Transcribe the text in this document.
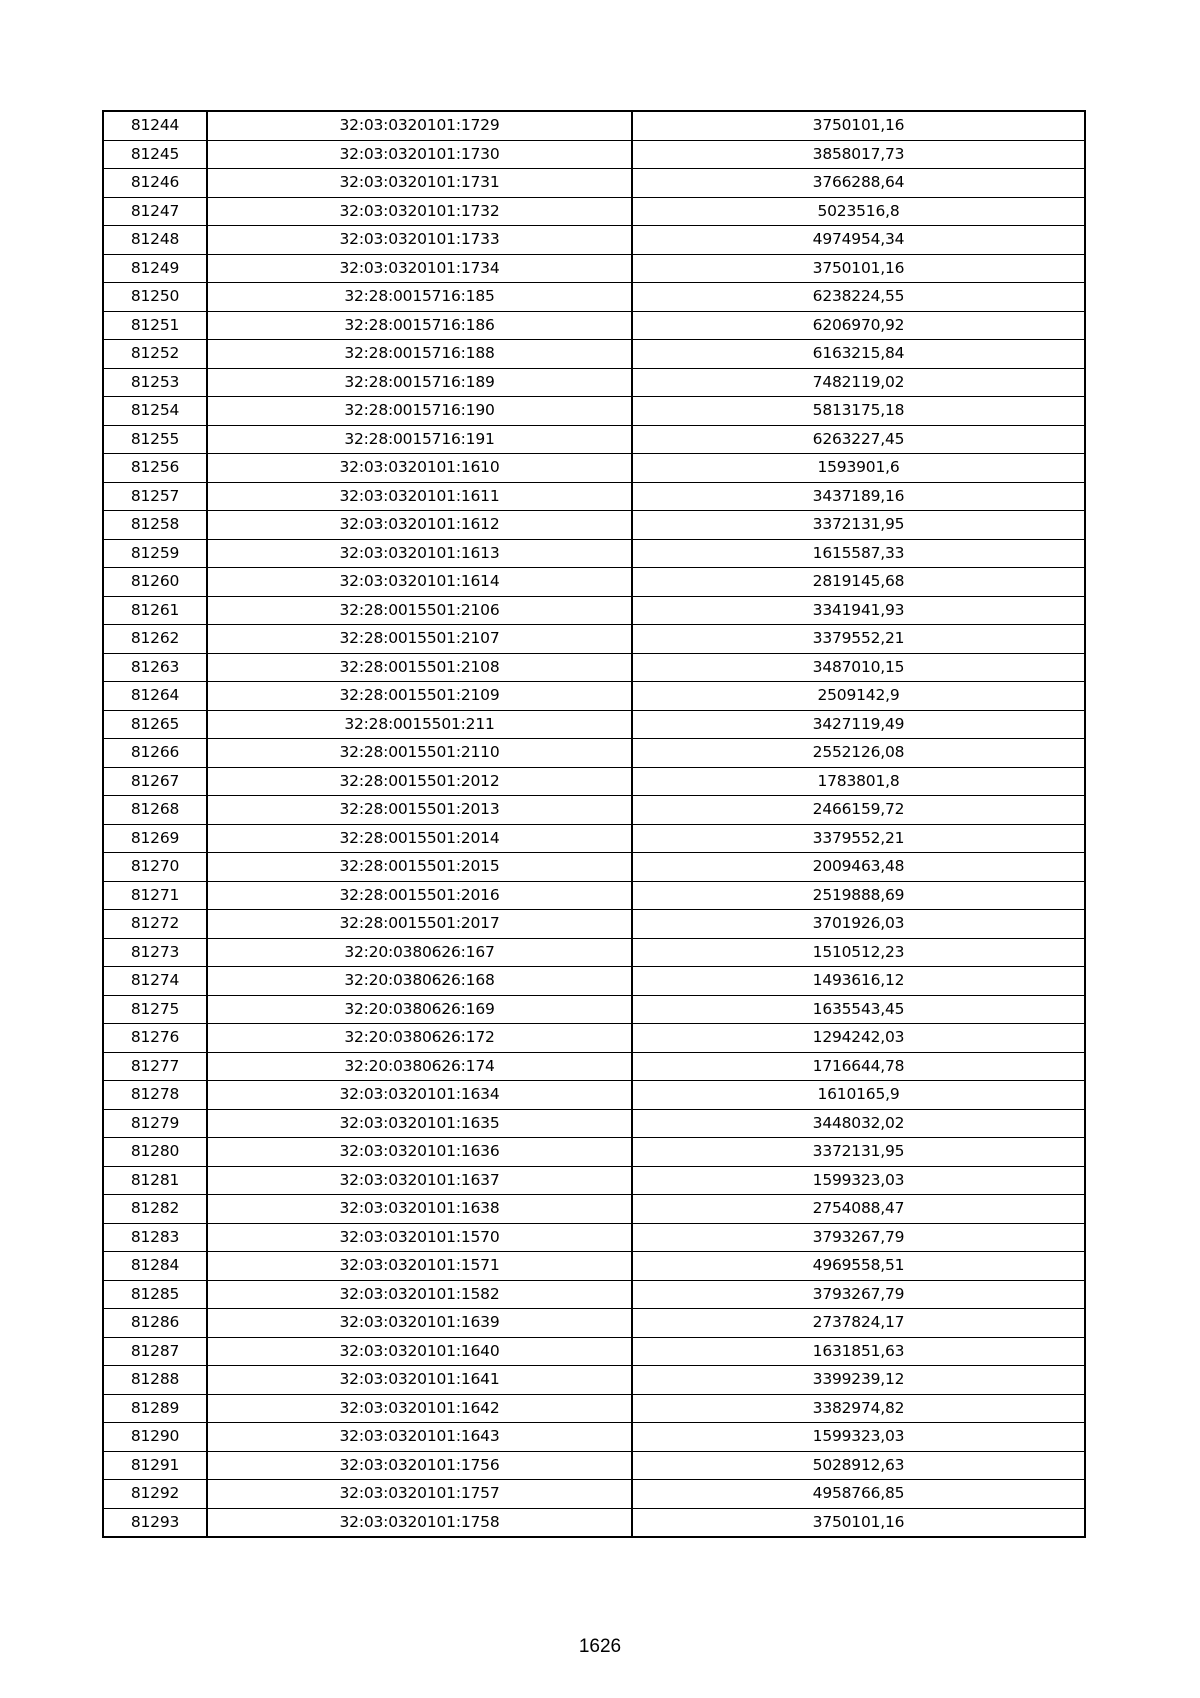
81244	32:03:0320101:1729	3750101,16
81245	32:03:0320101:1730	3858017,73
81246	32:03:0320101:1731	3766288,64
81247	32:03:0320101:1732	5023516,8
81248	32:03:0320101:1733	4974954,34
81249	32:03:0320101:1734	3750101,16
81250	32:28:0015716:185	6238224,55
81251	32:28:0015716:186	6206970,92
81252	32:28:0015716:188	6163215,84
81253	32:28:0015716:189	7482119,02
81254	32:28:0015716:190	5813175,18
81255	32:28:0015716:191	6263227,45
81256	32:03:0320101:1610	1593901,6
81257	32:03:0320101:1611	3437189,16
81258	32:03:0320101:1612	3372131,95
81259	32:03:0320101:1613	1615587,33
81260	32:03:0320101:1614	2819145,68
81261	32:28:0015501:2106	3341941,93
81262	32:28:0015501:2107	3379552,21
81263	32:28:0015501:2108	3487010,15
81264	32:28:0015501:2109	2509142,9
81265	32:28:0015501:211	3427119,49
81266	32:28:0015501:2110	2552126,08
81267	32:28:0015501:2012	1783801,8
81268	32:28:0015501:2013	2466159,72
81269	32:28:0015501:2014	3379552,21
81270	32:28:0015501:2015	2009463,48
81271	32:28:0015501:2016	2519888,69
81272	32:28:0015501:2017	3701926,03
81273	32:20:0380626:167	1510512,23
81274	32:20:0380626:168	1493616,12
81275	32:20:0380626:169	1635543,45
81276	32:20:0380626:172	1294242,03
81277	32:20:0380626:174	1716644,78
81278	32:03:0320101:1634	1610165,9
81279	32:03:0320101:1635	3448032,02
81280	32:03:0320101:1636	3372131,95
81281	32:03:0320101:1637	1599323,03
81282	32:03:0320101:1638	2754088,47
81283	32:03:0320101:1570	3793267,79
81284	32:03:0320101:1571	4969558,51
81285	32:03:0320101:1582	3793267,79
81286	32:03:0320101:1639	2737824,17
81287	32:03:0320101:1640	1631851,63
81288	32:03:0320101:1641	3399239,12
81289	32:03:0320101:1642	3382974,82
81290	32:03:0320101:1643	1599323,03
81291	32:03:0320101:1756	5028912,63
81292	32:03:0320101:1757	4958766,85
81293	32:03:0320101:1758	3750101,16
1626
